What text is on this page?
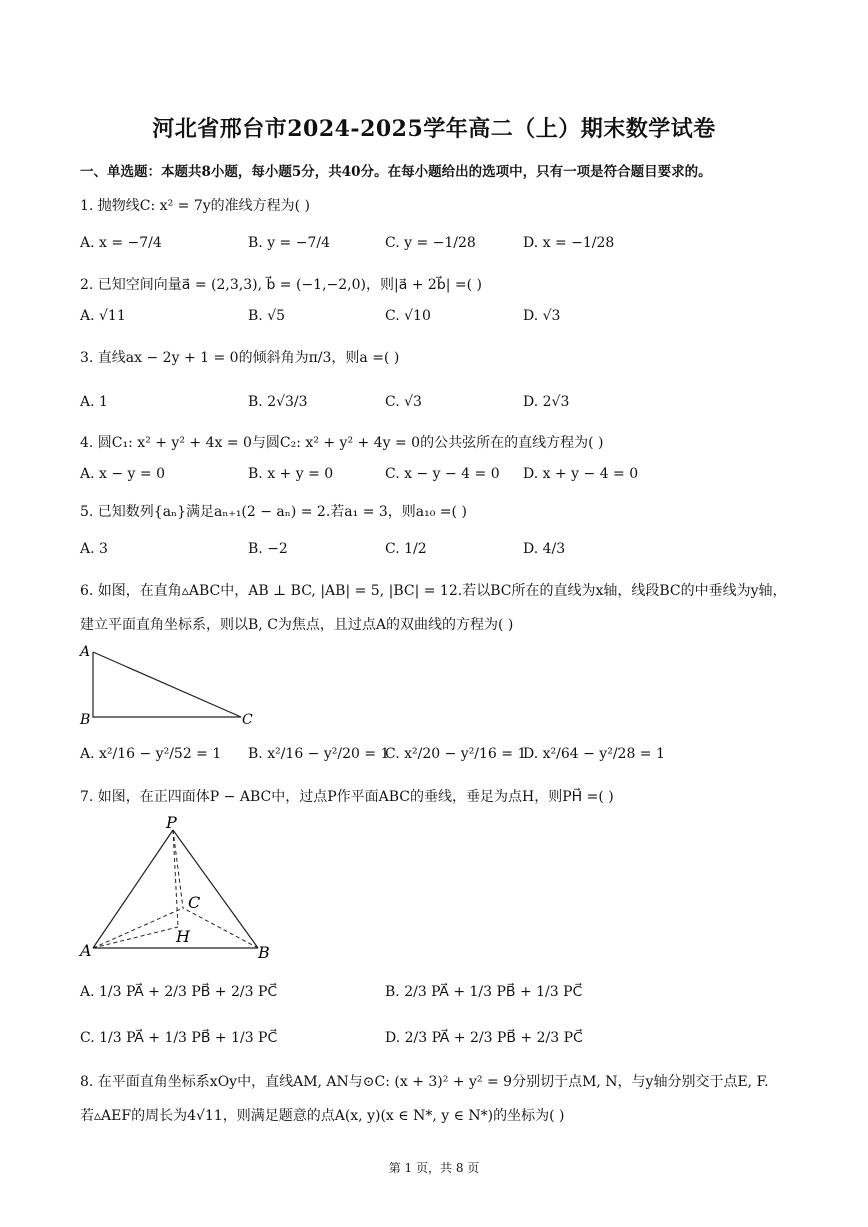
河北省邢台市2024-2025学年高二（上）期末数学试卷
一、单选题：本题共8小题，每小题5分，共40分。在每小题给出的选项中，只有一项是符合题目要求的。
1. 抛物线C: x² = 7y的准线方程为( )
A. x = −7/4	B. y = −7/4	C. y = −1/28	D. x = −1/28
2. 已知空间向量a⃗ = (2,3,3), b⃗ = (−1,−2,0)，则|a⃗ + 2b⃗| =( )
A. √11	B. √5	C. √10	D. √3
3. 直线ax − 2y + 1 = 0的倾斜角为π/3，则a =( )
A. 1	B. 2√3/3	C. √3	D. 2√3
4. 圆C₁: x² + y² + 4x = 0与圆C₂: x² + y² + 4y = 0的公共弦所在的直线方程为( )
A. x − y = 0	B. x + y = 0	C. x − y − 4 = 0 D. x + y − 4 = 0
5. 已知数列{aₙ}满足aₙ₊₁(2 − aₙ) = 2.若a₁ = 3，则a₁₀ =( )
A. 3	B. −2	C. 1/2	D. 4/3
6. 如图，在直角▵ABC中，AB ⊥ BC, |AB| = 5, |BC| = 12.若以BC所在的直线为x轴，线段BC的中垂线为y轴，
建立平面直角坐标系，则以B, C为焦点，且过点A的双曲线的方程为( )
A
B	C
A. x²/16 − y²/52 = 1 B. x²/16 − y²/20 = 1
C. x²/20 − y²/16 = 1
D. x²/64 − y²/28 = 1
7. 如图，在正四面体P − ABC中，过点P作平面ABC的垂线，垂足为点H，则PH⃗ =( )
P
C
H
A	B
A. 1/3 PA⃗ + 2/3 PB⃗ + 2/3 PC⃗	B. 2/3 PA⃗ + 1/3 PB⃗ + 1/3 PC⃗
C. 1/3 PA⃗ + 1/3 PB⃗ + 1/3 PC⃗	D. 2/3 PA⃗ + 2/3 PB⃗ + 2/3 PC⃗
8. 在平面直角坐标系xOy中，直线AM, AN与⊙C: (x + 3)² + y² = 9分别切于点M, N，与y轴分别交于点E, F.
若▵AEF的周长为4√11，则满足题意的点A(x, y)(x ∈ N*, y ∈ N*)的坐标为( )
第 1 页，共 8 页
